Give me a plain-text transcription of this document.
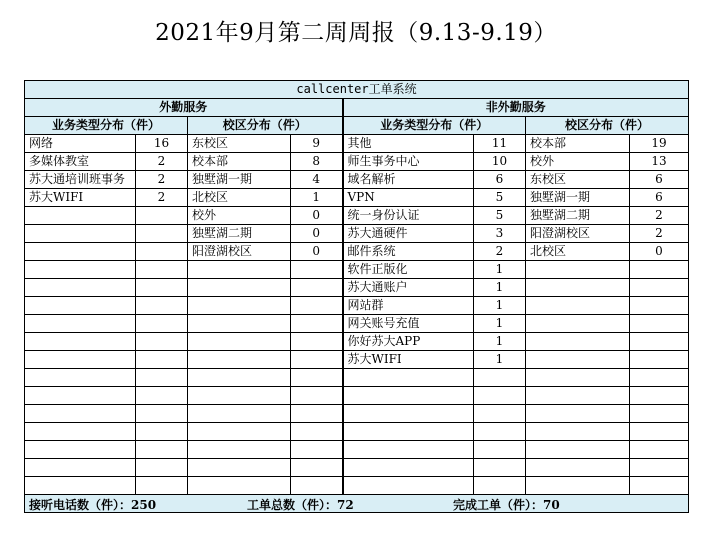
2021年9月第二周周报（9.13-9.19）
callcenter工单系统							
外勤服务				非外勤服务			
业务类型分布（件）		校区分布（件）		业务类型分布（件）		校区分布（件）	
网络	16	东校区	9	其他	11	校本部	19
多媒体教室	2	校本部	8	师生事务中心	10	校外	13
苏大通培训班事务	2	独墅湖一期	4	域名解析	6	东校区	6
苏大WIFI	2	北校区	1	VPN	5	独墅湖一期	6
		校外	0	统一身份认证	5	独墅湖二期	2
		独墅湖二期	0	苏大通硬件	3	阳澄湖校区	2
		阳澄湖校区	0	邮件系统	2	北校区	0
				软件正版化	1		
				苏大通账户	1		
				网站群	1		
				网关账号充值	1		
				你好苏大APP	1		
				苏大WIFI	1		

接听电话数（件）：250 工单总数（件）：72 完成工单（件）：70							
